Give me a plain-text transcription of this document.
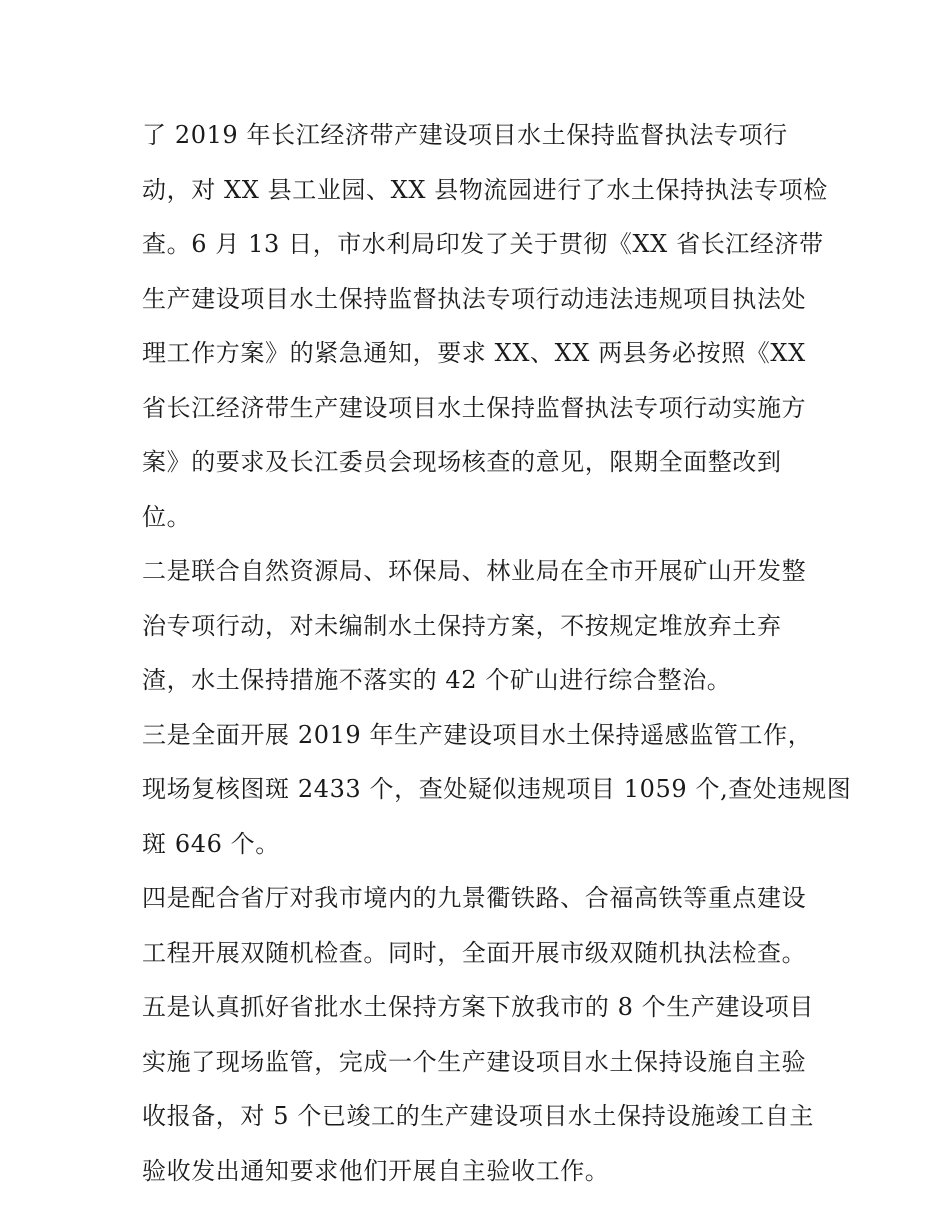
了 2019 年长江经济带产建设项目水土保持监督执法专项行
动，对 XX 县工业园、XX 县物流园进行了水土保持执法专项检
查。6 月 13 日，市水利局印发了关于贯彻《XX 省长江经济带
生产建设项目水土保持监督执法专项行动违法违规项目执法处
理工作方案》的紧急通知，要求 XX、XX 两县务必按照《XX
省长江经济带生产建设项目水土保持监督执法专项行动实施方
案》的要求及长江委员会现场核查的意见，限期全面整改到
位。
二是联合自然资源局、环保局、林业局在全市开展矿山开发整
治专项行动，对未编制水土保持方案，不按规定堆放弃土弃
渣，水土保持措施不落实的 42 个矿山进行综合整治。
三是全面开展 2019 年生产建设项目水土保持遥感监管工作，
现场复核图斑 2433 个，查处疑似违规项目 1059 个,查处违规图
斑 646 个。
四是配合省厅对我市境内的九景衢铁路、合福高铁等重点建设
工程开展双随机检查。同时，全面开展市级双随机执法检查。
五是认真抓好省批水土保持方案下放我市的 8 个生产建设项目
实施了现场监管，完成一个生产建设项目水土保持设施自主验
收报备，对 5 个已竣工的生产建设项目水土保持设施竣工自主
验收发出通知要求他们开展自主验收工作。
